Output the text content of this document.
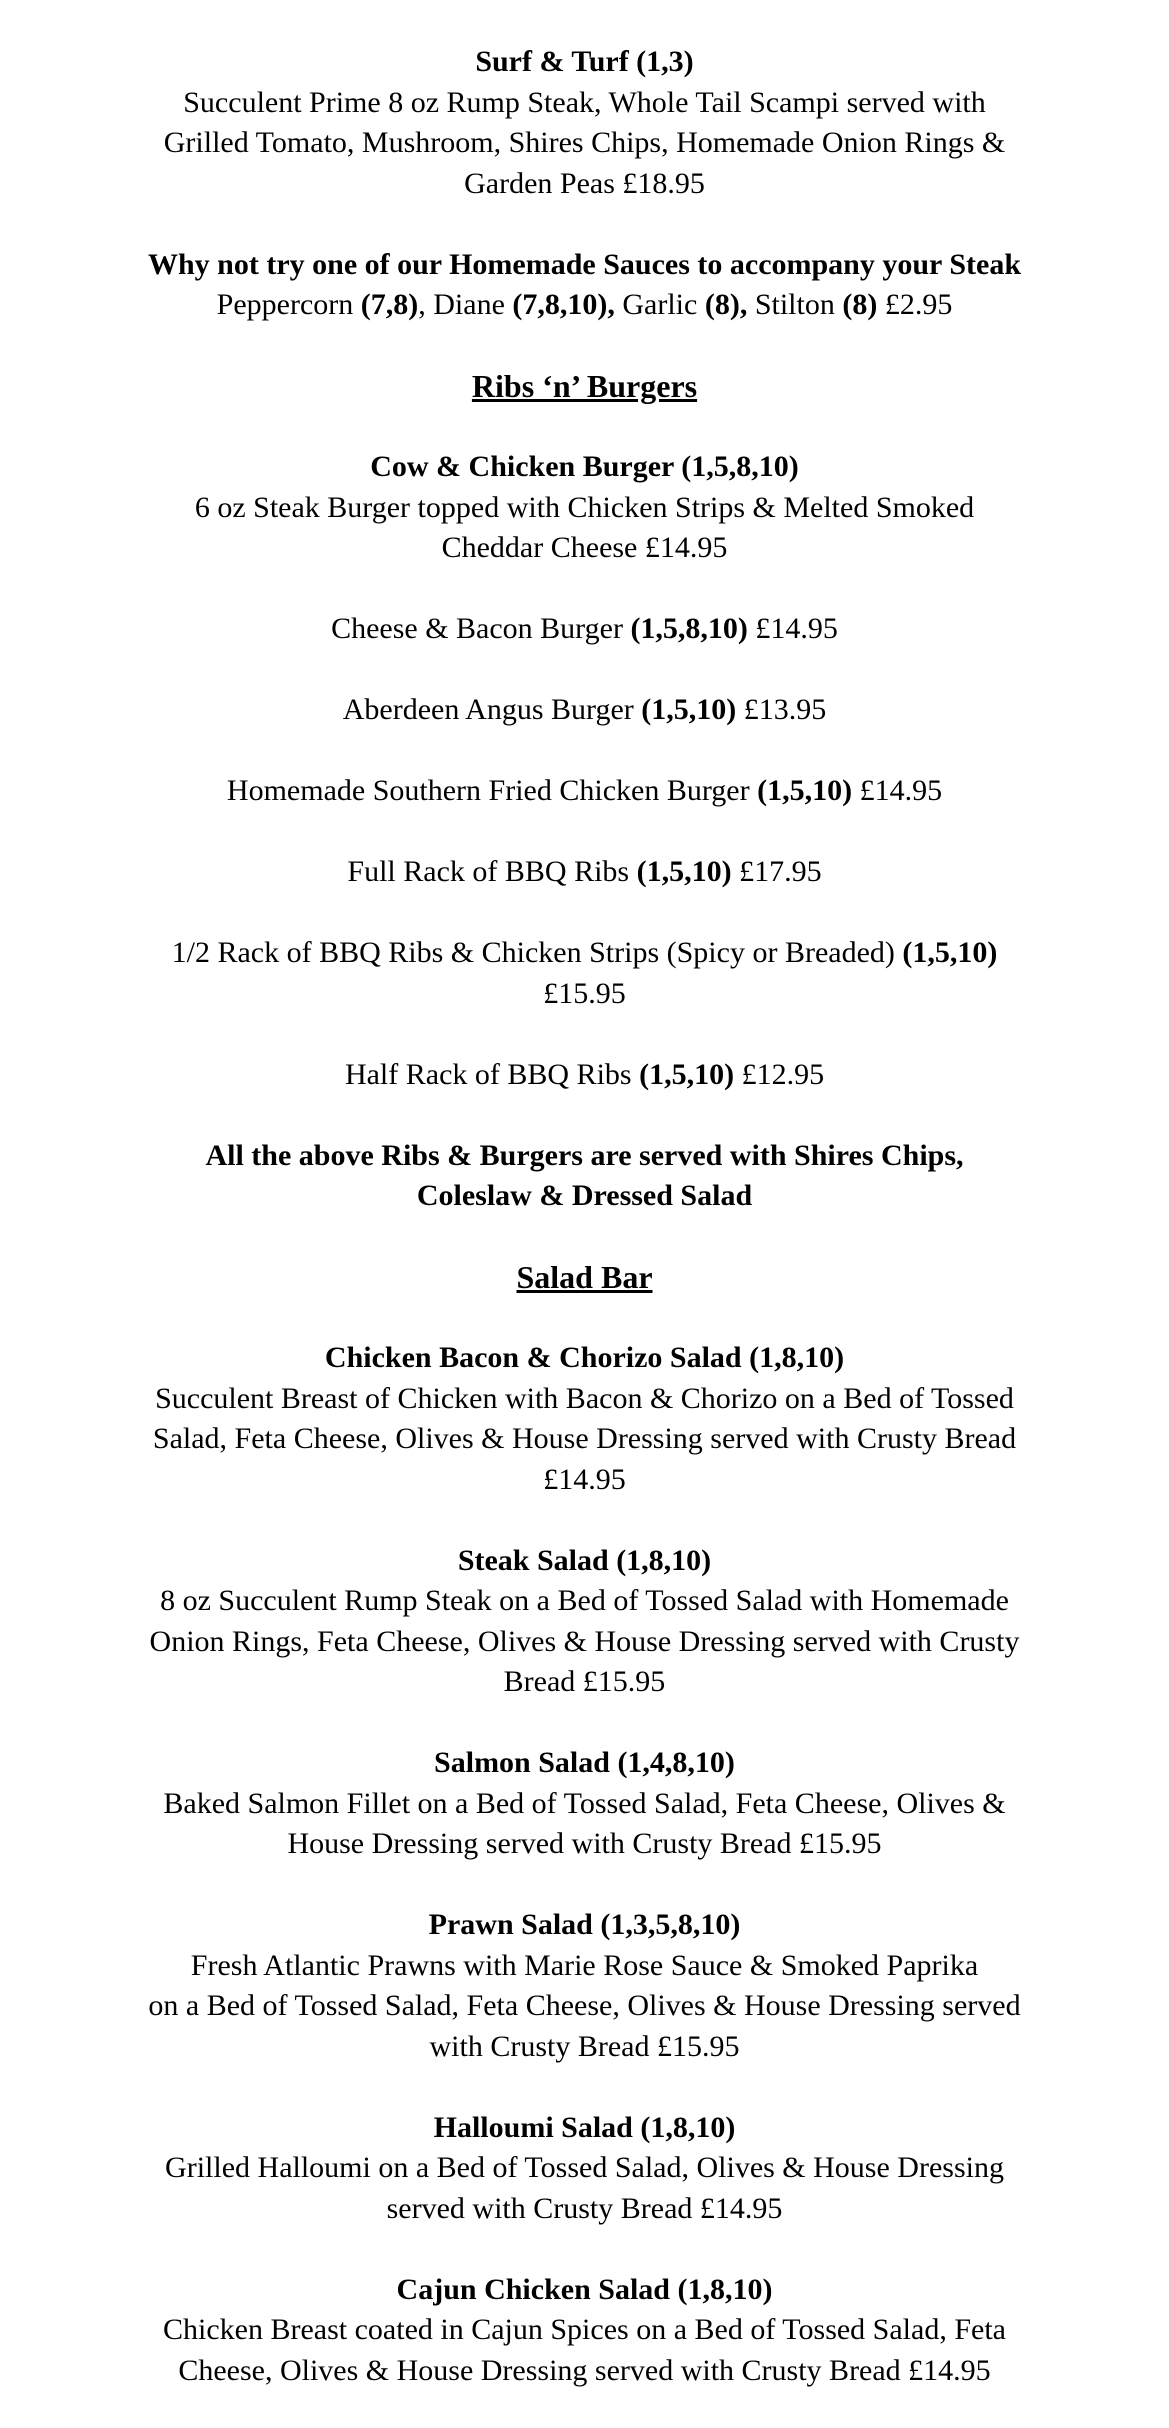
Surf & Turf (1,3)
Succulent Prime 8 oz Rump Steak, Whole Tail Scampi served with
Grilled Tomato, Mushroom, Shires Chips, Homemade Onion Rings &
Garden Peas £18.95
Why not try one of our Homemade Sauces to accompany your Steak
Peppercorn (7,8), Diane (7,8,10), Garlic (8), Stilton (8) £2.95
Ribs ‘n’ Burgers
Cow & Chicken Burger (1,5,8,10)
6 oz Steak Burger topped with Chicken Strips & Melted Smoked
Cheddar Cheese £14.95
Cheese & Bacon Burger (1,5,8,10) £14.95
Aberdeen Angus Burger (1,5,10) £13.95
Homemade Southern Fried Chicken Burger (1,5,10) £14.95
Full Rack of BBQ Ribs (1,5,10) £17.95
1/2 Rack of BBQ Ribs & Chicken Strips (Spicy or Breaded) (1,5,10)
£15.95
Half Rack of BBQ Ribs (1,5,10) £12.95
All the above Ribs & Burgers are served with Shires Chips,
Coleslaw & Dressed Salad
Salad Bar
Chicken Bacon & Chorizo Salad (1,8,10)
Succulent Breast of Chicken with Bacon & Chorizo on a Bed of Tossed
Salad, Feta Cheese, Olives & House Dressing served with Crusty Bread
£14.95
Steak Salad (1,8,10)
8 oz Succulent Rump Steak on a Bed of Tossed Salad with Homemade
Onion Rings, Feta Cheese, Olives & House Dressing served with Crusty
Bread £15.95
Salmon Salad (1,4,8,10)
Baked Salmon Fillet on a Bed of Tossed Salad, Feta Cheese, Olives &
House Dressing served with Crusty Bread £15.95
Prawn Salad (1,3,5,8,10)
Fresh Atlantic Prawns with Marie Rose Sauce & Smoked Paprika
on a Bed of Tossed Salad, Feta Cheese, Olives & House Dressing served
with Crusty Bread £15.95
Halloumi Salad (1,8,10)
Grilled Halloumi on a Bed of Tossed Salad, Olives & House Dressing
served with Crusty Bread £14.95
Cajun Chicken Salad (1,8,10)
Chicken Breast coated in Cajun Spices on a Bed of Tossed Salad, Feta
Cheese, Olives & House Dressing served with Crusty Bread £14.95
